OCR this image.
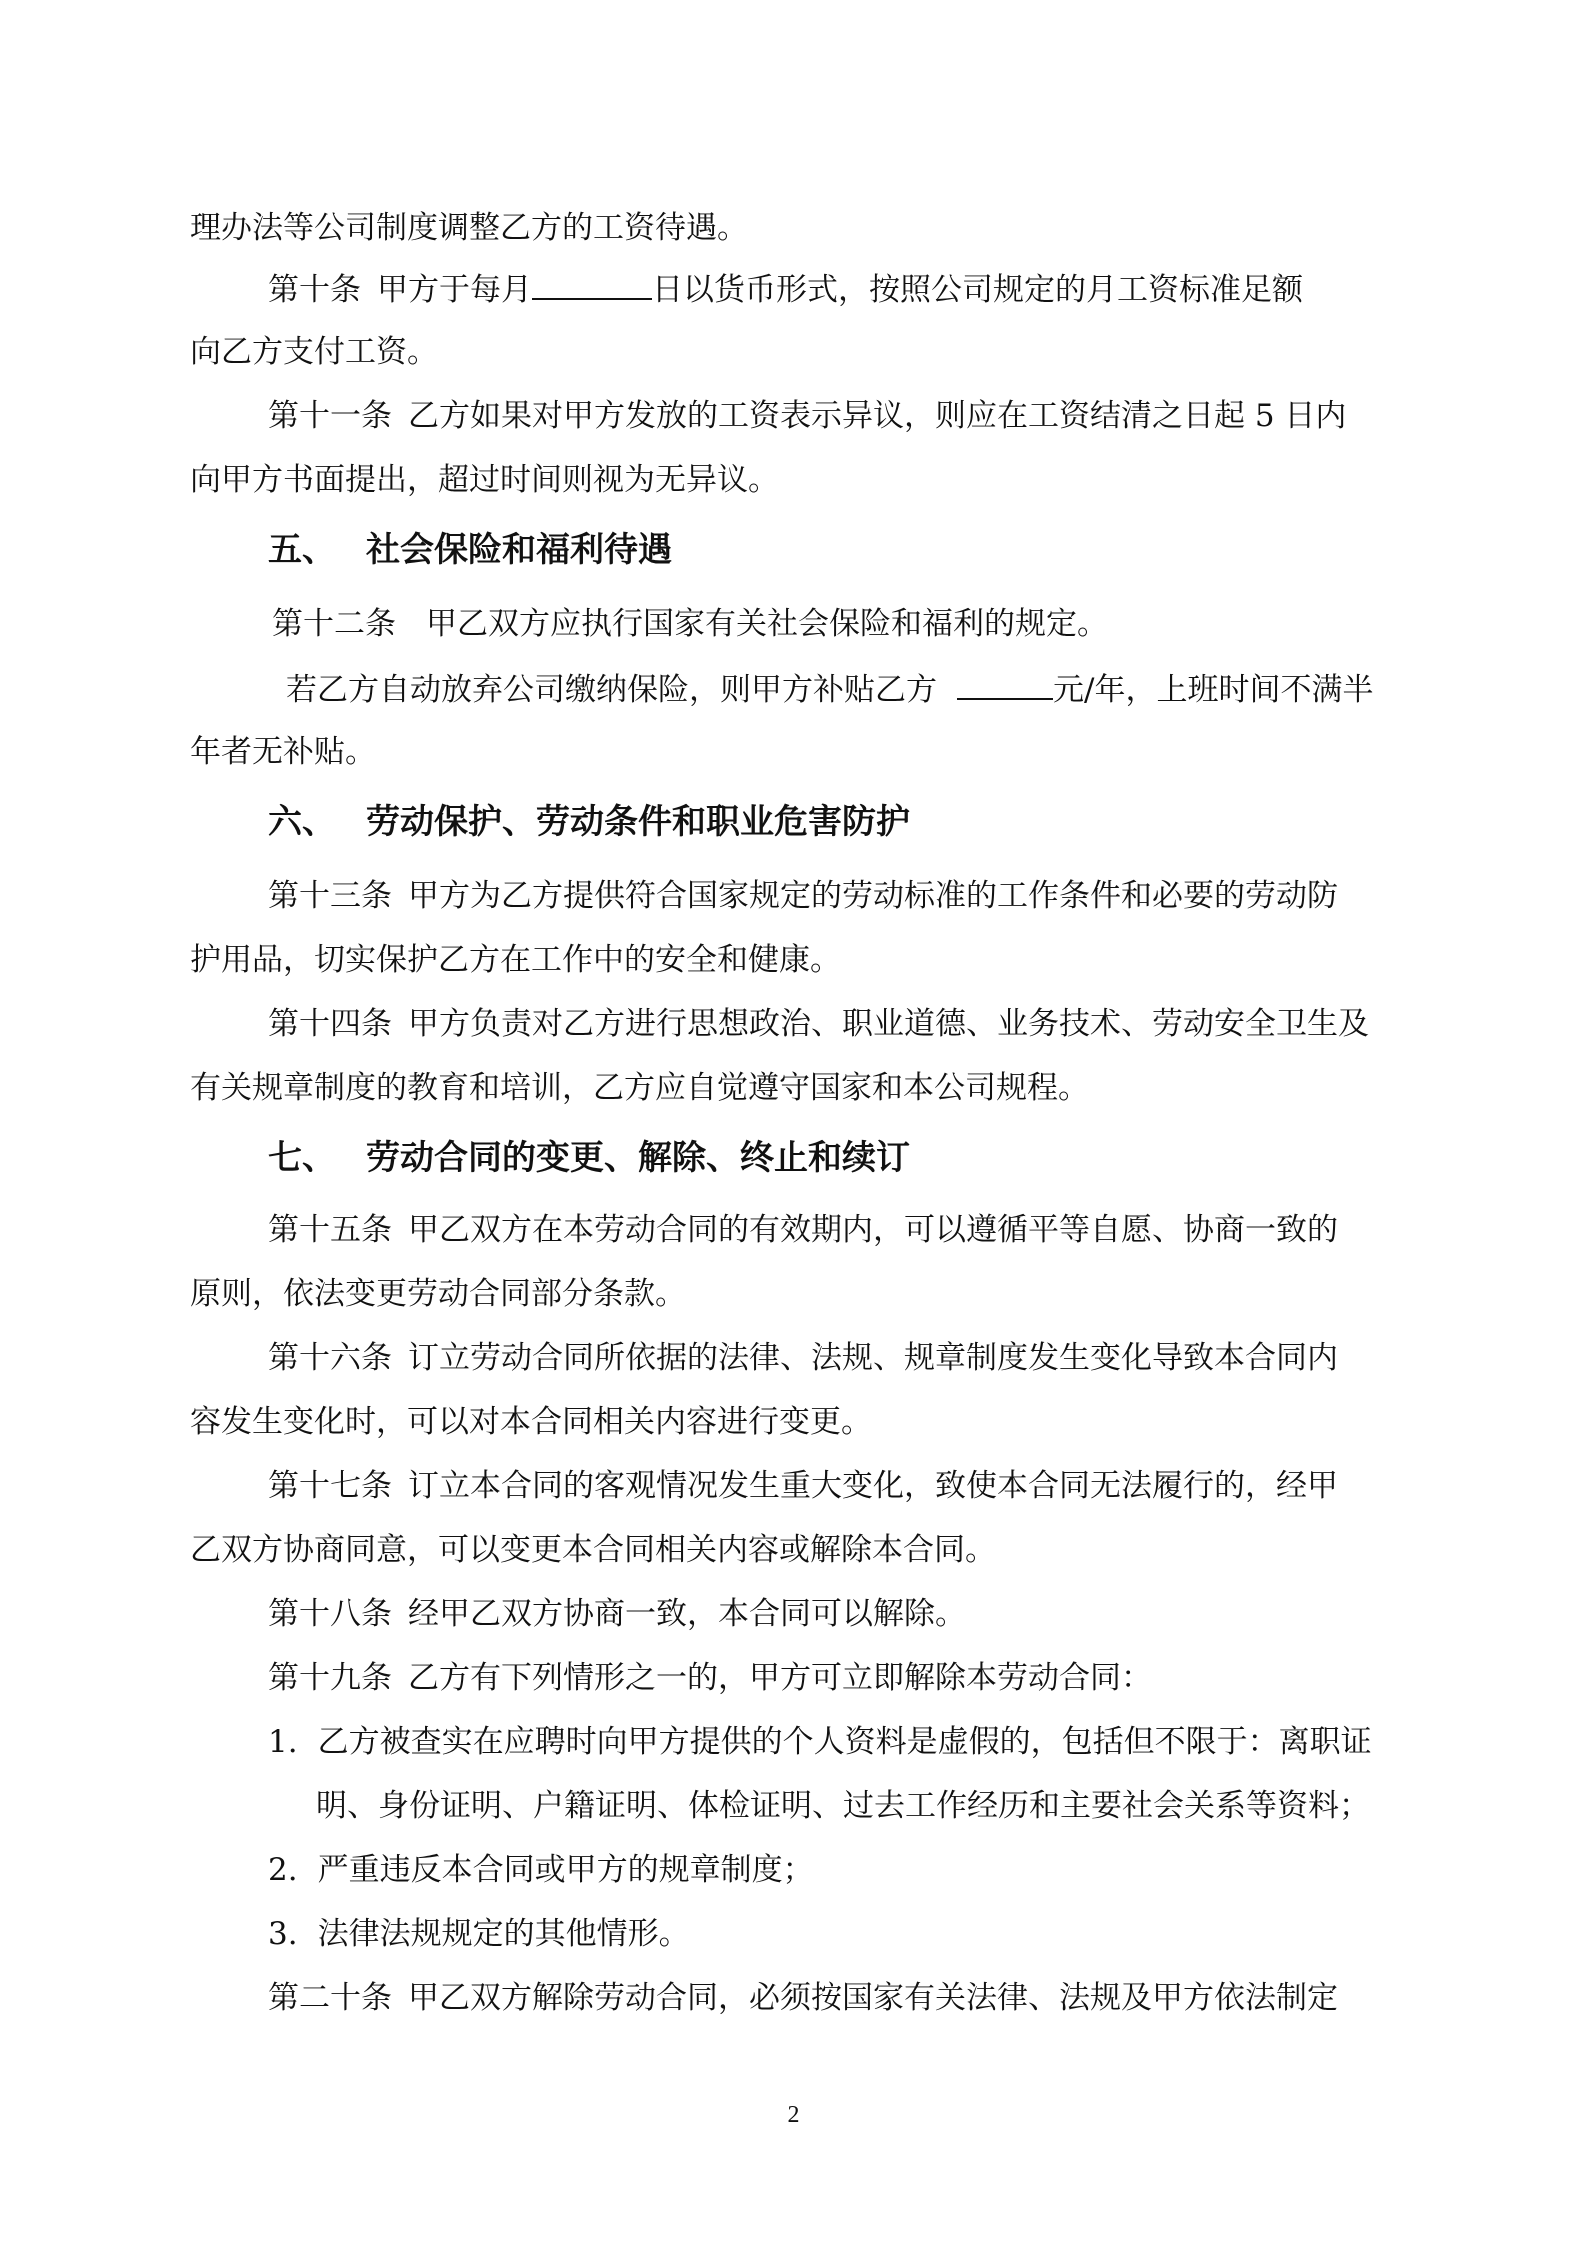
理办法等公司制度调整乙方的工资待遇。
第十条 甲方于每月	日以货币形式，按照公司规定的月工资标准足额
向乙方支付工资。
第十一条 乙方如果对甲方发放的工资表示异议，则应在工资结清之日起 5 日内
向甲方书面提出，超过时间则视为无异议。
五、 社会保险和福利待遇
第十二条 甲乙双方应执行国家有关社会保险和福利的规定。
若乙方自动放弃公司缴纳保险，则甲方补贴乙方	元/年，上班时间不满半
年者无补贴。
六、 劳动保护、劳动条件和职业危害防护
第十三条 甲方为乙方提供符合国家规定的劳动标准的工作条件和必要的劳动防
护用品，切实保护乙方在工作中的安全和健康。
第十四条 甲方负责对乙方进行思想政治、职业道德、业务技术、劳动安全卫生及
有关规章制度的教育和培训，乙方应自觉遵守国家和本公司规程。
七、 劳动合同的变更、解除、终止和续订
第十五条 甲乙双方在本劳动合同的有效期内，可以遵循平等自愿、协商一致的
原则，依法变更劳动合同部分条款。
第十六条 订立劳动合同所依据的法律、法规、规章制度发生变化导致本合同内
容发生变化时，可以对本合同相关内容进行变更。
第十七条 订立本合同的客观情况发生重大变化，致使本合同无法履行的，经甲
乙双方协商同意，可以变更本合同相关内容或解除本合同。
第十八条 经甲乙双方协商一致，本合同可以解除。
第十九条 乙方有下列情形之一的，甲方可立即解除本劳动合同：
1. 乙方被查实在应聘时向甲方提供的个人资料是虚假的，包括但不限于：离职证
明、身份证明、户籍证明、体检证明、过去工作经历和主要社会关系等资料；
2. 严重违反本合同或甲方的规章制度；
3. 法律法规规定的其他情形。
第二十条 甲乙双方解除劳动合同，必须按国家有关法律、法规及甲方依法制定
2
